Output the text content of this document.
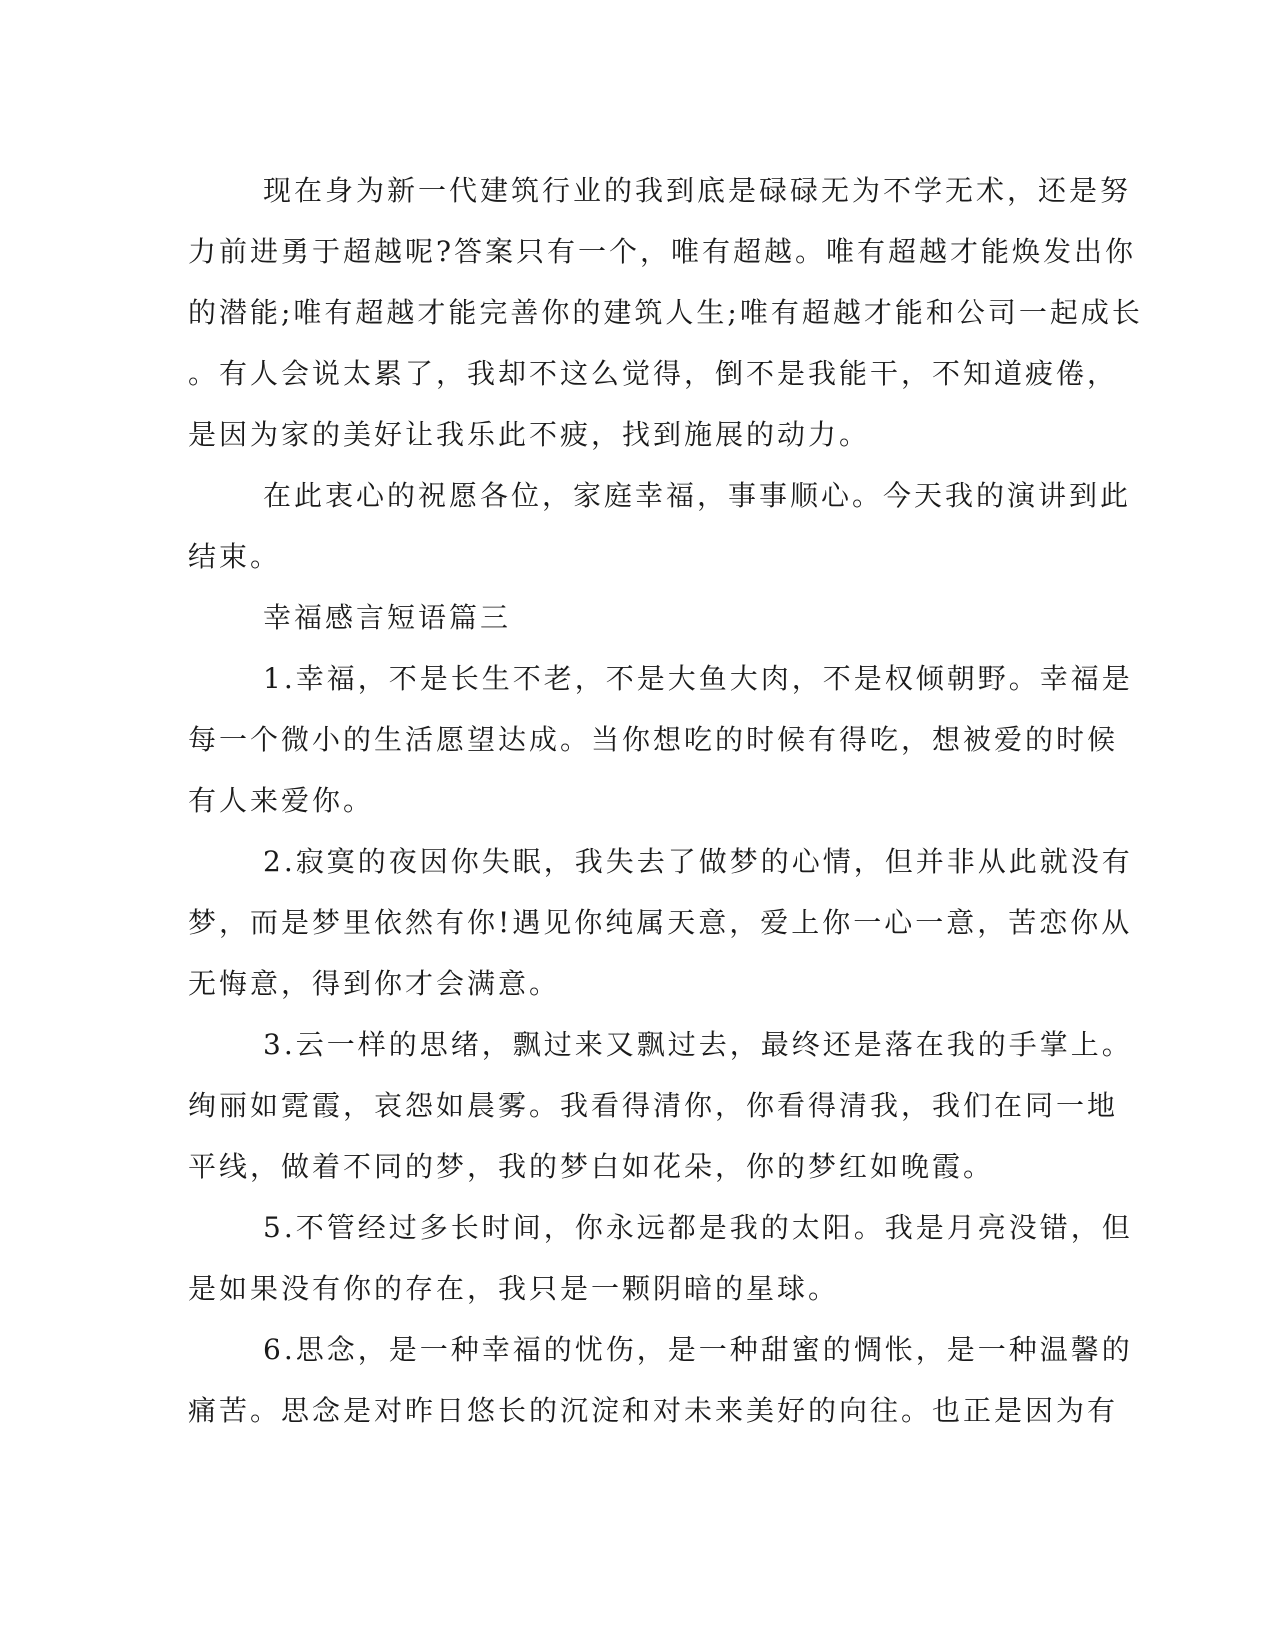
现在身为新一代建筑行业的我到底是碌碌无为不学无术，还是努
力前进勇于超越呢?答案只有一个，唯有超越。唯有超越才能焕发出你
的潜能;唯有超越才能完善你的建筑人生;唯有超越才能和公司一起成长
。有人会说太累了，我却不这么觉得，倒不是我能干，不知道疲倦，
是因为家的美好让我乐此不疲，找到施展的动力。
在此衷心的祝愿各位，家庭幸福，事事顺心。今天我的演讲到此
结束。
幸福感言短语篇三
1.幸福，不是长生不老，不是大鱼大肉，不是权倾朝野。幸福是
每一个微小的生活愿望达成。当你想吃的时候有得吃，想被爱的时候
有人来爱你。
2.寂寞的夜因你失眠，我失去了做梦的心情，但并非从此就没有
梦，而是梦里依然有你!遇见你纯属天意，爱上你一心一意，苦恋你从
无悔意，得到你才会满意。
3.云一样的思绪，飘过来又飘过去，最终还是落在我的手掌上。
绚丽如霓霞，哀怨如晨雾。我看得清你，你看得清我，我们在同一地
平线，做着不同的梦，我的梦白如花朵，你的梦红如晚霞。
5.不管经过多长时间，你永远都是我的太阳。我是月亮没错，但
是如果没有你的存在，我只是一颗阴暗的星球。
6.思念，是一种幸福的忧伤，是一种甜蜜的惆怅，是一种温馨的
痛苦。思念是对昨日悠长的沉淀和对未来美好的向往。也正是因为有
